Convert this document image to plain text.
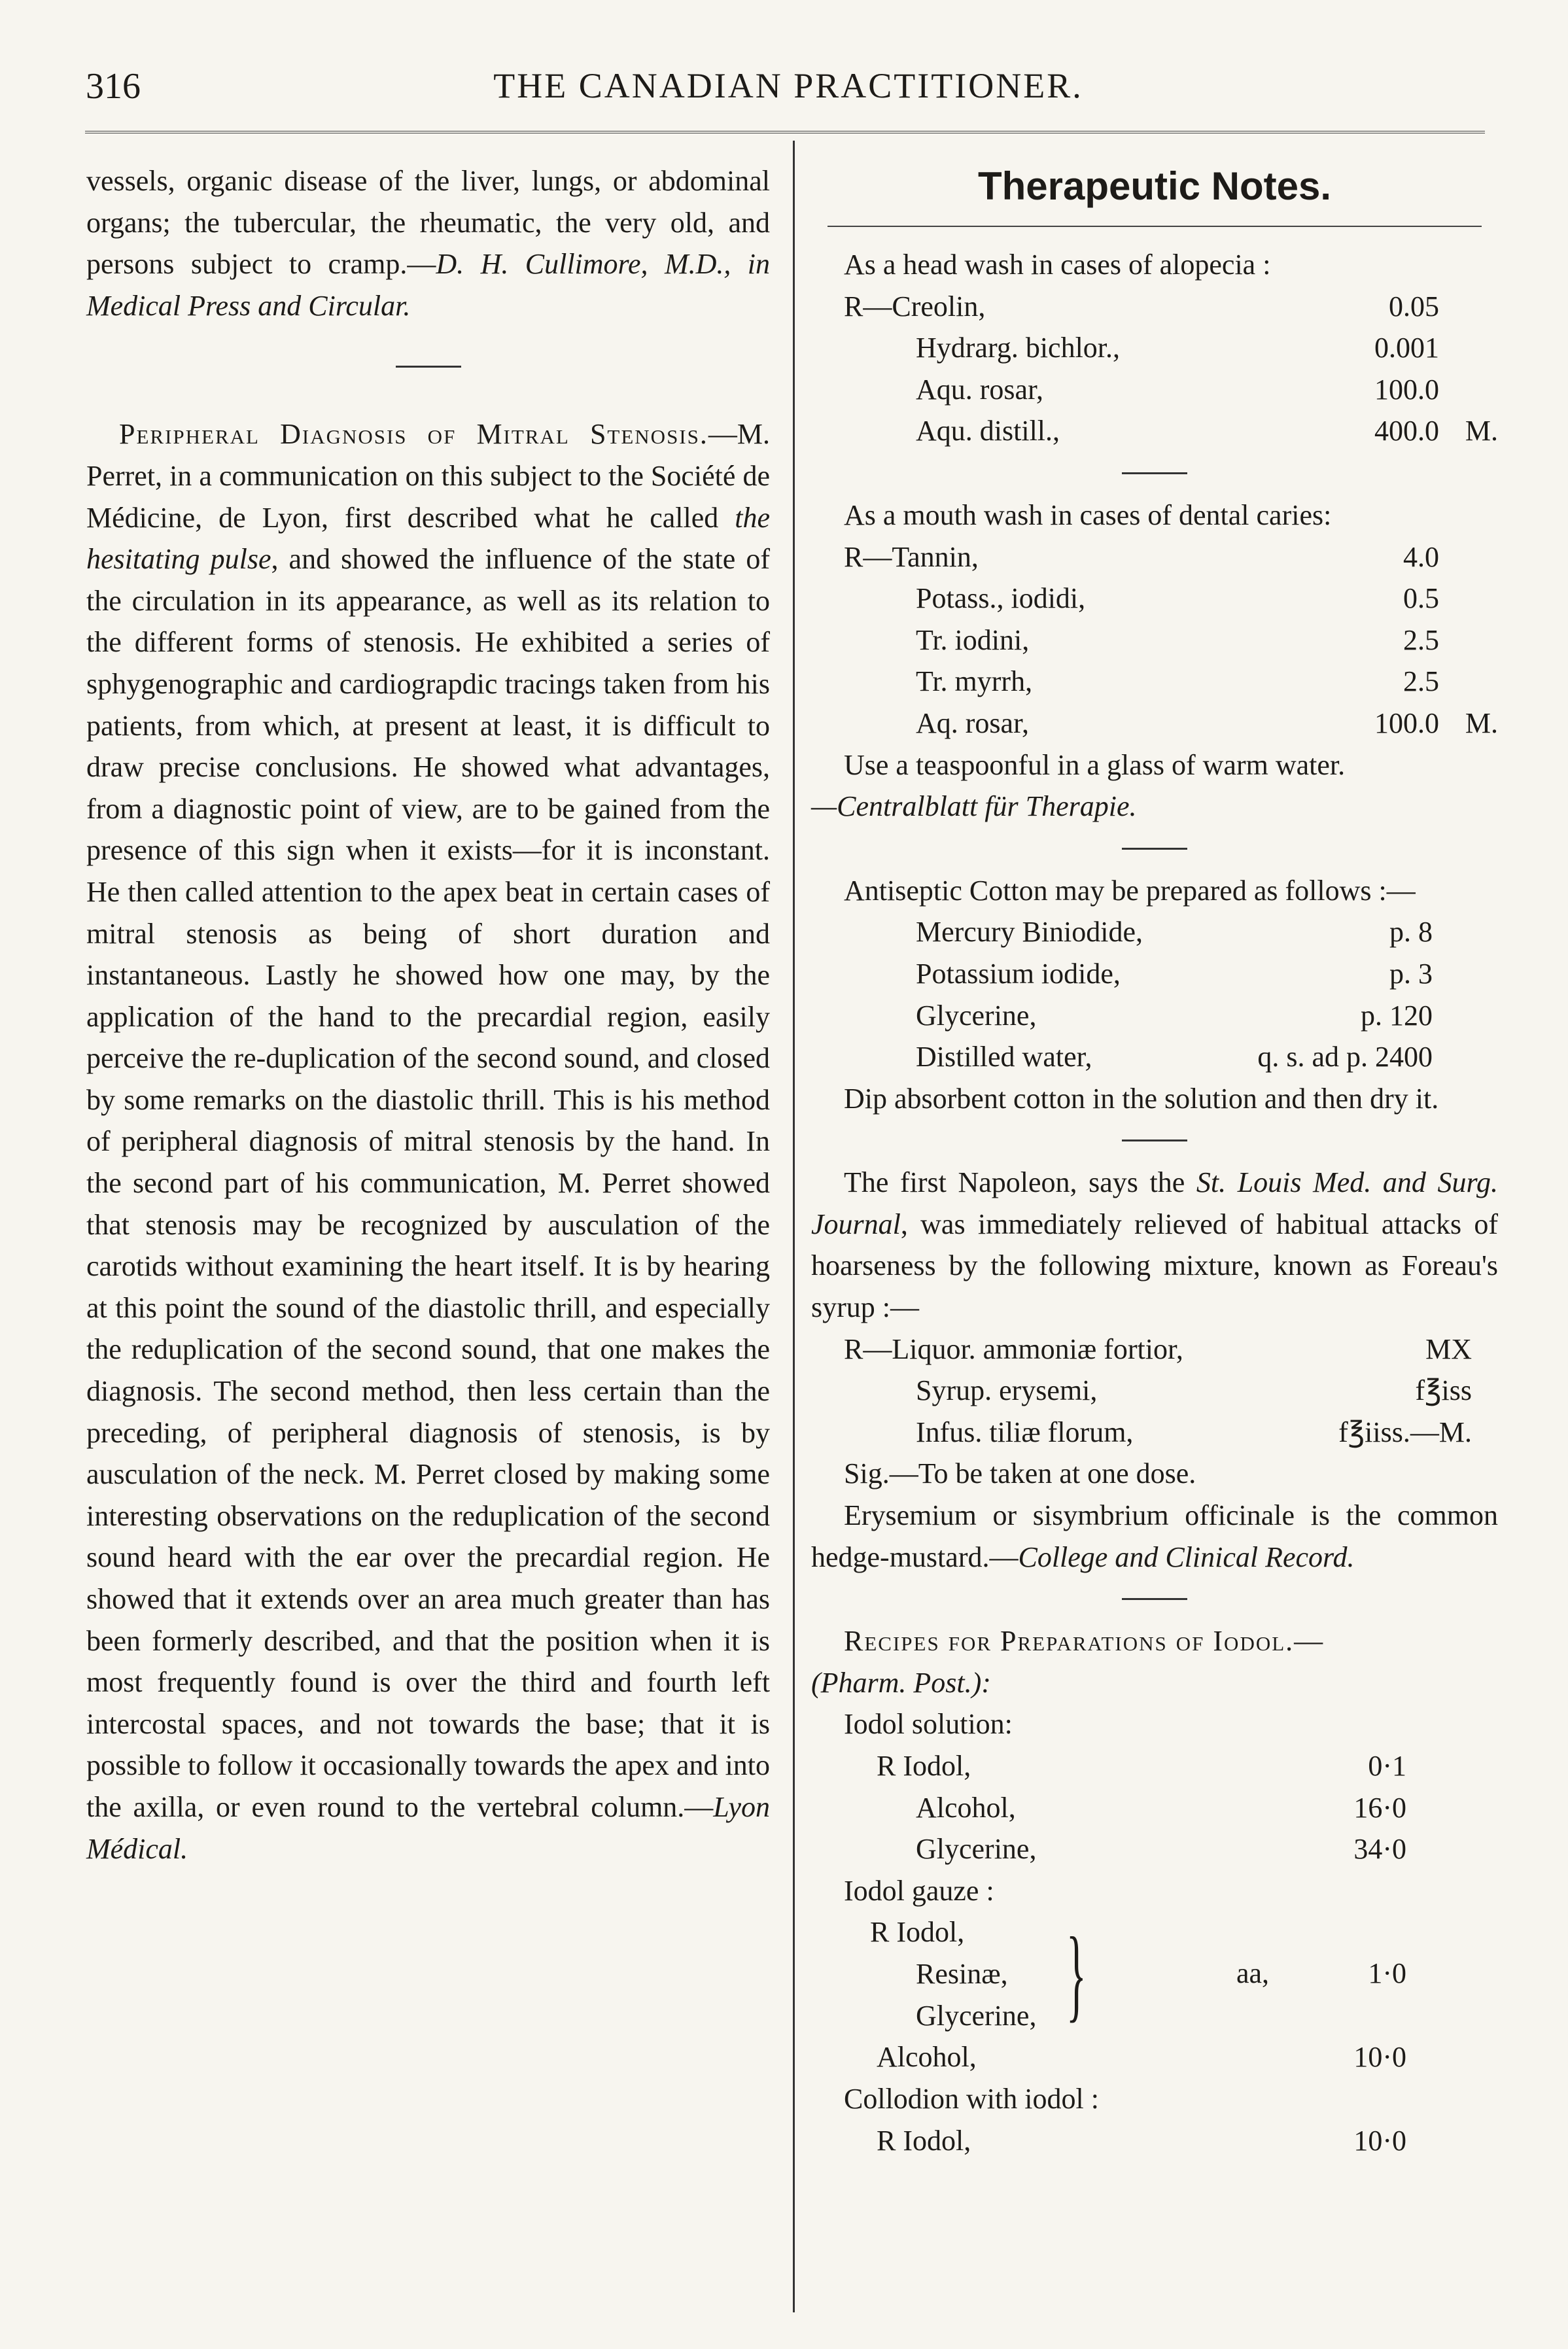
316	THE CANADIAN PRACTITIONER.

vessels, organic disease of the liver, lungs, or abdominal organs; the tubercular, the rheumatic, the very old, and persons subject to cramp.—D. H. Cullimore, M.D., in Medical Press and Circular.

Peripheral Diagnosis of Mitral Stenosis.—M. Perret, in a communication on this subject to the Société de Médicine, de Lyon, first described what he called the hesitating pulse, and showed the influence of the state of the circulation in its appearance, as well as its relation to the different forms of stenosis. He exhibited a series of sphygenographic and cardiograpdic tracings taken from his patients, from which, at present at least, it is difficult to draw precise conclusions. He showed what advantages, from a diagnostic point of view, are to be gained from the presence of this sign when it exists—for it is inconstant. He then called attention to the apex beat in certain cases of mitral stenosis as being of short duration and instantaneous. Lastly he showed how one may, by the application of the hand to the precardial region, easily perceive the re-duplication of the second sound, and closed by some remarks on the diastolic thrill. This is his method of peripheral diagnosis of mitral stenosis by the hand. In the second part of his communication, M. Perret showed that stenosis may be recognized by ausculation of the carotids without examining the heart itself. It is by hearing at this point the sound of the diastolic thrill, and especially the reduplication of the second sound, that one makes the diagnosis. The second method, then less certain than the preceding, of peripheral diagnosis of stenosis, is by ausculation of the neck. M. Perret closed by making some interesting observations on the reduplication of the second sound heard with the ear over the precardial region. He showed that it extends over an area much greater than has been formerly described, and that the position when it is most frequently found is over the third and fourth left intercostal spaces, and not towards the base; that it is possible to follow it occasionally towards the apex and into the axilla, or even round to the vertebral column.—Lyon Médical.

Therapeutic Notes.

As a head wash in cases of alopecia :

R—Creolin,	0.05
Hydrarg. bichlor.,	0.001
Aqu. rosar,	100.0
Aqu. distill.,	400.0 M.

As a mouth wash in cases of dental caries:

R—Tannin,	4.0
Potass., iodidi,	0.5
Tr. iodini,	2.5
Tr. myrrh,	2.5
Aq. rosar,	100.0 M.

Use a teaspoonful in a glass of warm water.

—Centralblatt für Therapie.

Antiseptic Cotton may be prepared as follows :—

Mercury Biniodide,	p. 8
Potassium iodide,	p. 3
Glycerine,	p. 120
Distilled water,	q. s. ad p. 2400

Dip absorbent cotton in the solution and then dry it.

The first Napoleon, says the St. Louis Med. and Surg. Journal, was immediately relieved of habitual attacks of hoarseness by the following mixture, known as Foreau's syrup :—

R—Liquor. ammoniæ fortior,	MX
Syrup. erysemi,	f℥iss
Infus. tiliæ florum,	f℥iiss.—M.

Sig.—To be taken at one dose.

Erysemium or sisymbrium officinale is the common hedge-mustard.—College and Clinical Record.

Recipes for Preparations of Iodol.—

(Pharm. Post.):

Iodol solution:

R Iodol,	0·1
Alcohol,	16·0
Glycerine,	34·0

Iodol gauze :

R Iodol,
Resinæ,
Glycerine, }	aa,	1·0
Alcohol,	10·0

Collodion with iodol :

R Iodol,	10·0
